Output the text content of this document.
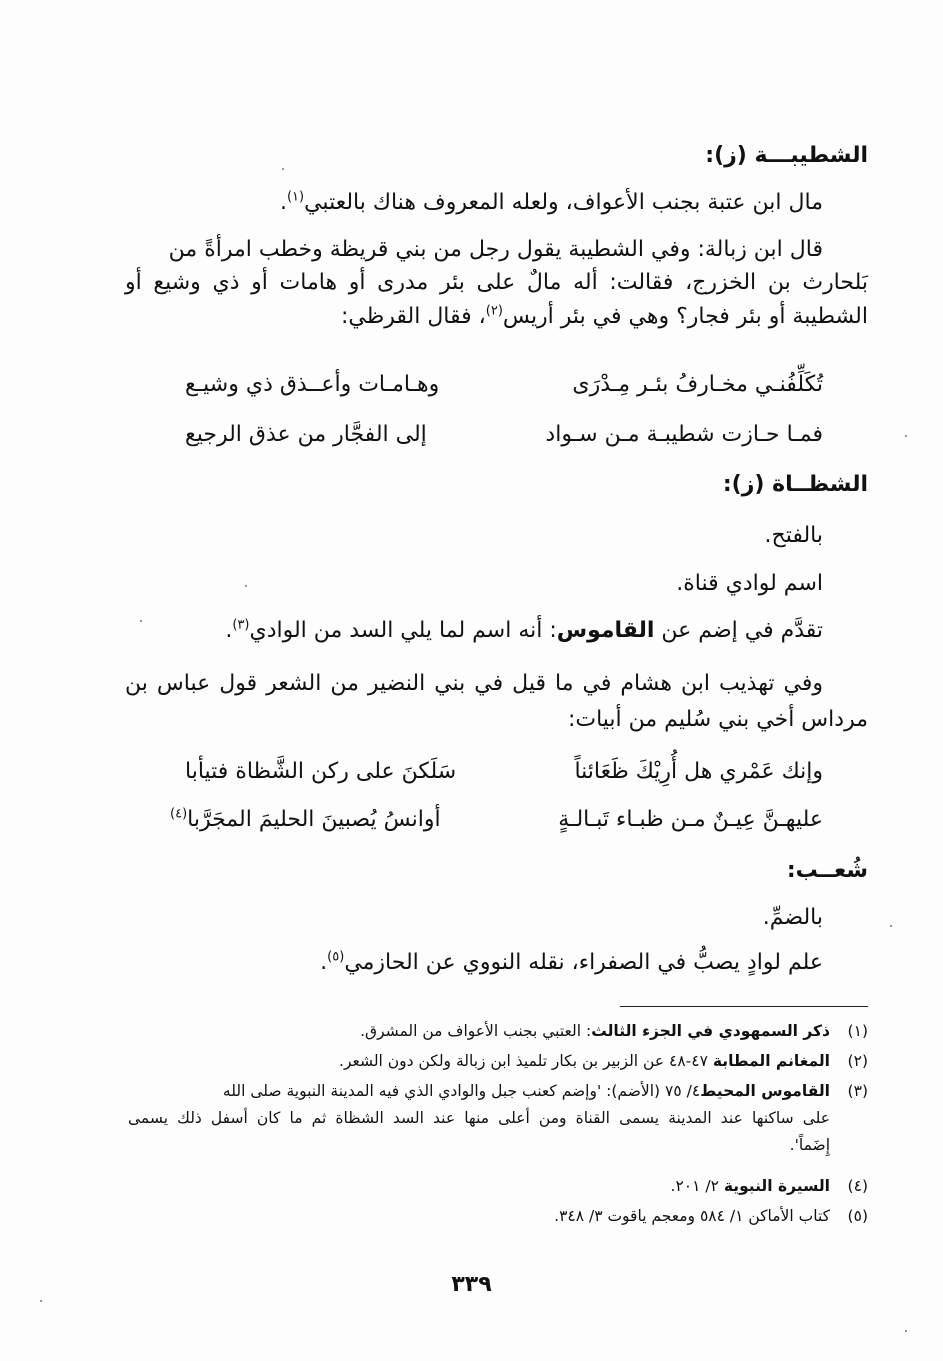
الشطيبـــة (ز):
مال ابن عتبة بجنب الأعواف، ولعله المعروف هناك بالعتبي$^{(١)}$.
قال ابن زبالة: وفي الشطيبة يقول رجل من بني قريظة وخطب امرأةً من
بَلحارث بن الخزرج، فقالت: أله مالٌ على بئر مدرى أو هامات أو ذي وشيع أو
الشطيبة أو بئر فجار؟ وهي في بئر أريس$^{(٢)}$، فقال القرظي:
تُكَلِّفُنـي مخـارفُ بئـر مِـدْرَى
وهـامـات وأعــذق ذي وشيـع
فمـا حـازت شطيبـة مـن سـواد
إلى الفجَّار من عذق الرجيع
الشظــاة (ز):
بالفتح.
اسم لوادي قناة.
تقدَّم في إضم عن القاموس: أنه اسم لما يلي السد من الوادي$^{(٣)}$.
وفي تهذيب ابن هشام في ما قيل في بني النضير من الشعر قول عباس بن
مرداس أخي بني سُليم من أبيات:
وإنك عَمْري هل أُرِيْكَ ظَعَائناً
سَلَكنَ على ركن الشَّظاة فتيأبا
عليهـنَّ عِيـنٌ مـن ظبـاء تَبـالـةٍ
أوانسُ يُصبينَ الحليمَ المجَرَّبا$^{(٤)}$
شُعــب:
بالضمِّ.
علم لوادٍ يصبُّ في الصفراء، نقله النووي عن الحازمي$^{(٥)}$.
(١)ذكر السمهودي في الجزء الثالث: العتبي بجنب الأعواف من المشرق.
(٢)المغانم المطابة ٤٧-٤٨ عن الزبير بن بكار تلميذ ابن زبالة ولكن دون الشعر.
(٣)القاموس المحيط٤/ ٧٥ (الأضم): 'وإضم كعنب جبل والوادي الذي فيه المدينة النبوية صلى الله
على ساكنها عند المدينة يسمى القناة ومن أعلى منها عند السد الشظاة ثم ما كان أسفل ذلك يسمى
إِضَماً'.
(٤)السيرة النبوية ٢/ ٢٠١.
(٥)كتاب الأماكن ١/ ٥٨٤ ومعجم ياقوت ٣/ ٣٤٨.
٣٣٩
